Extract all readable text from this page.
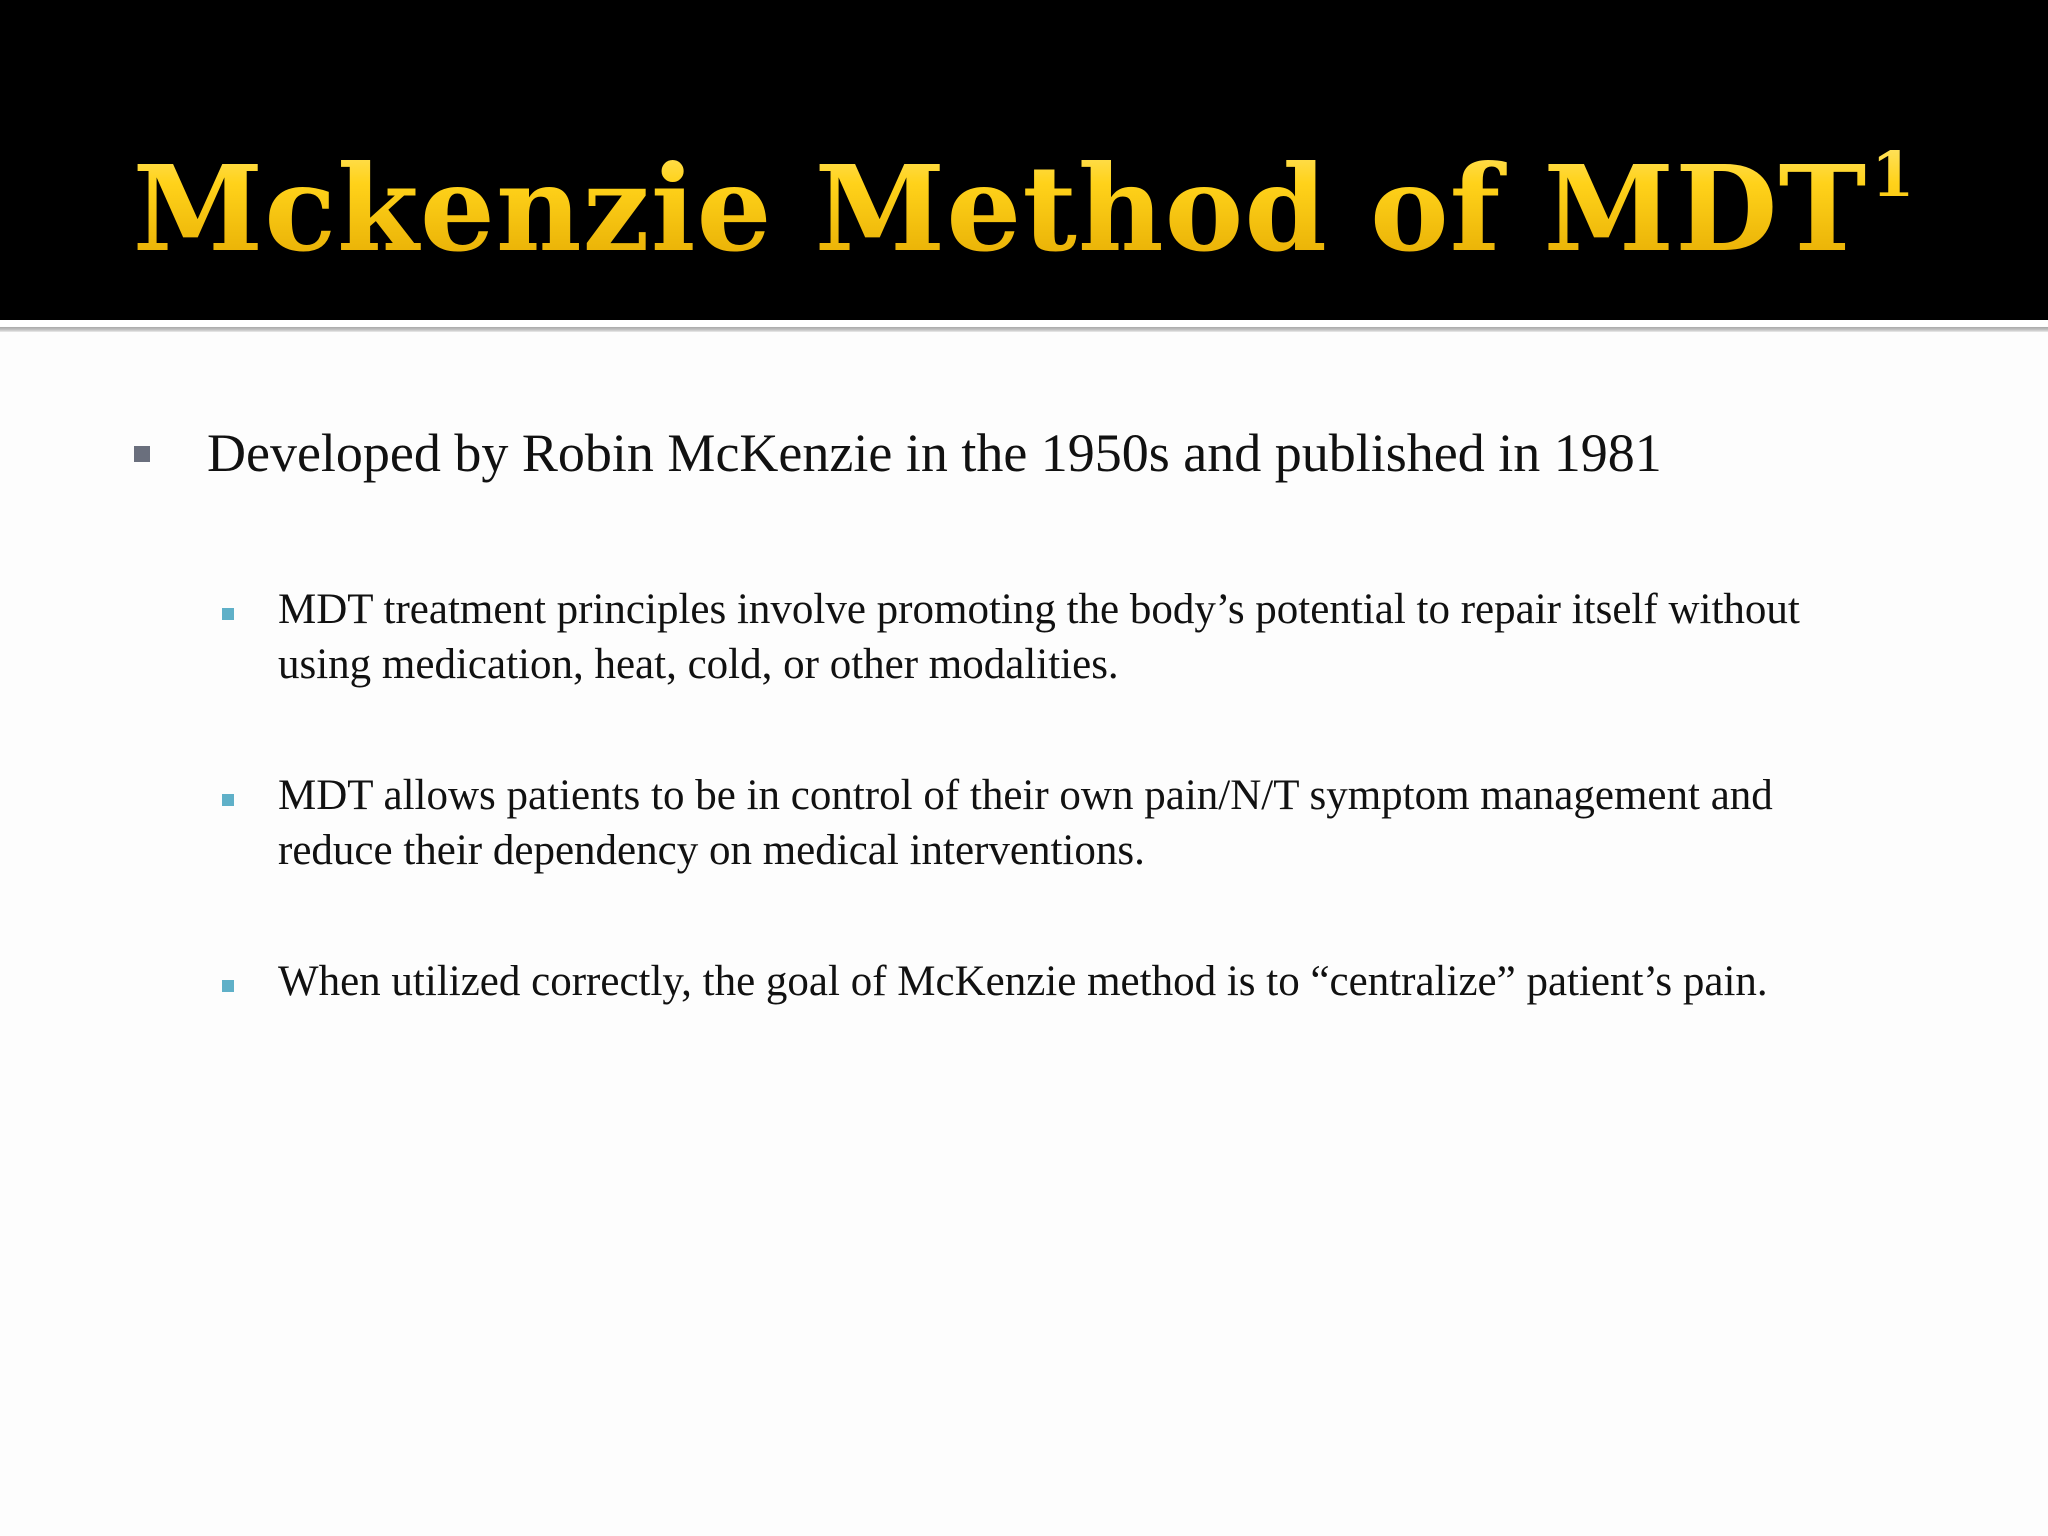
Mckenzie Method of MDT$^1$
Developed by Robin McKenzie in the 1950s and published in 1981
MDT treatment principles involve promoting the body’s potential to repair itself without
using medication, heat, cold, or other modalities.
MDT allows patients to be in control of their own pain/N/T symptom management and
reduce their dependency on medical interventions.
When utilized correctly, the goal of McKenzie method is to “centralize” patient’s pain.
